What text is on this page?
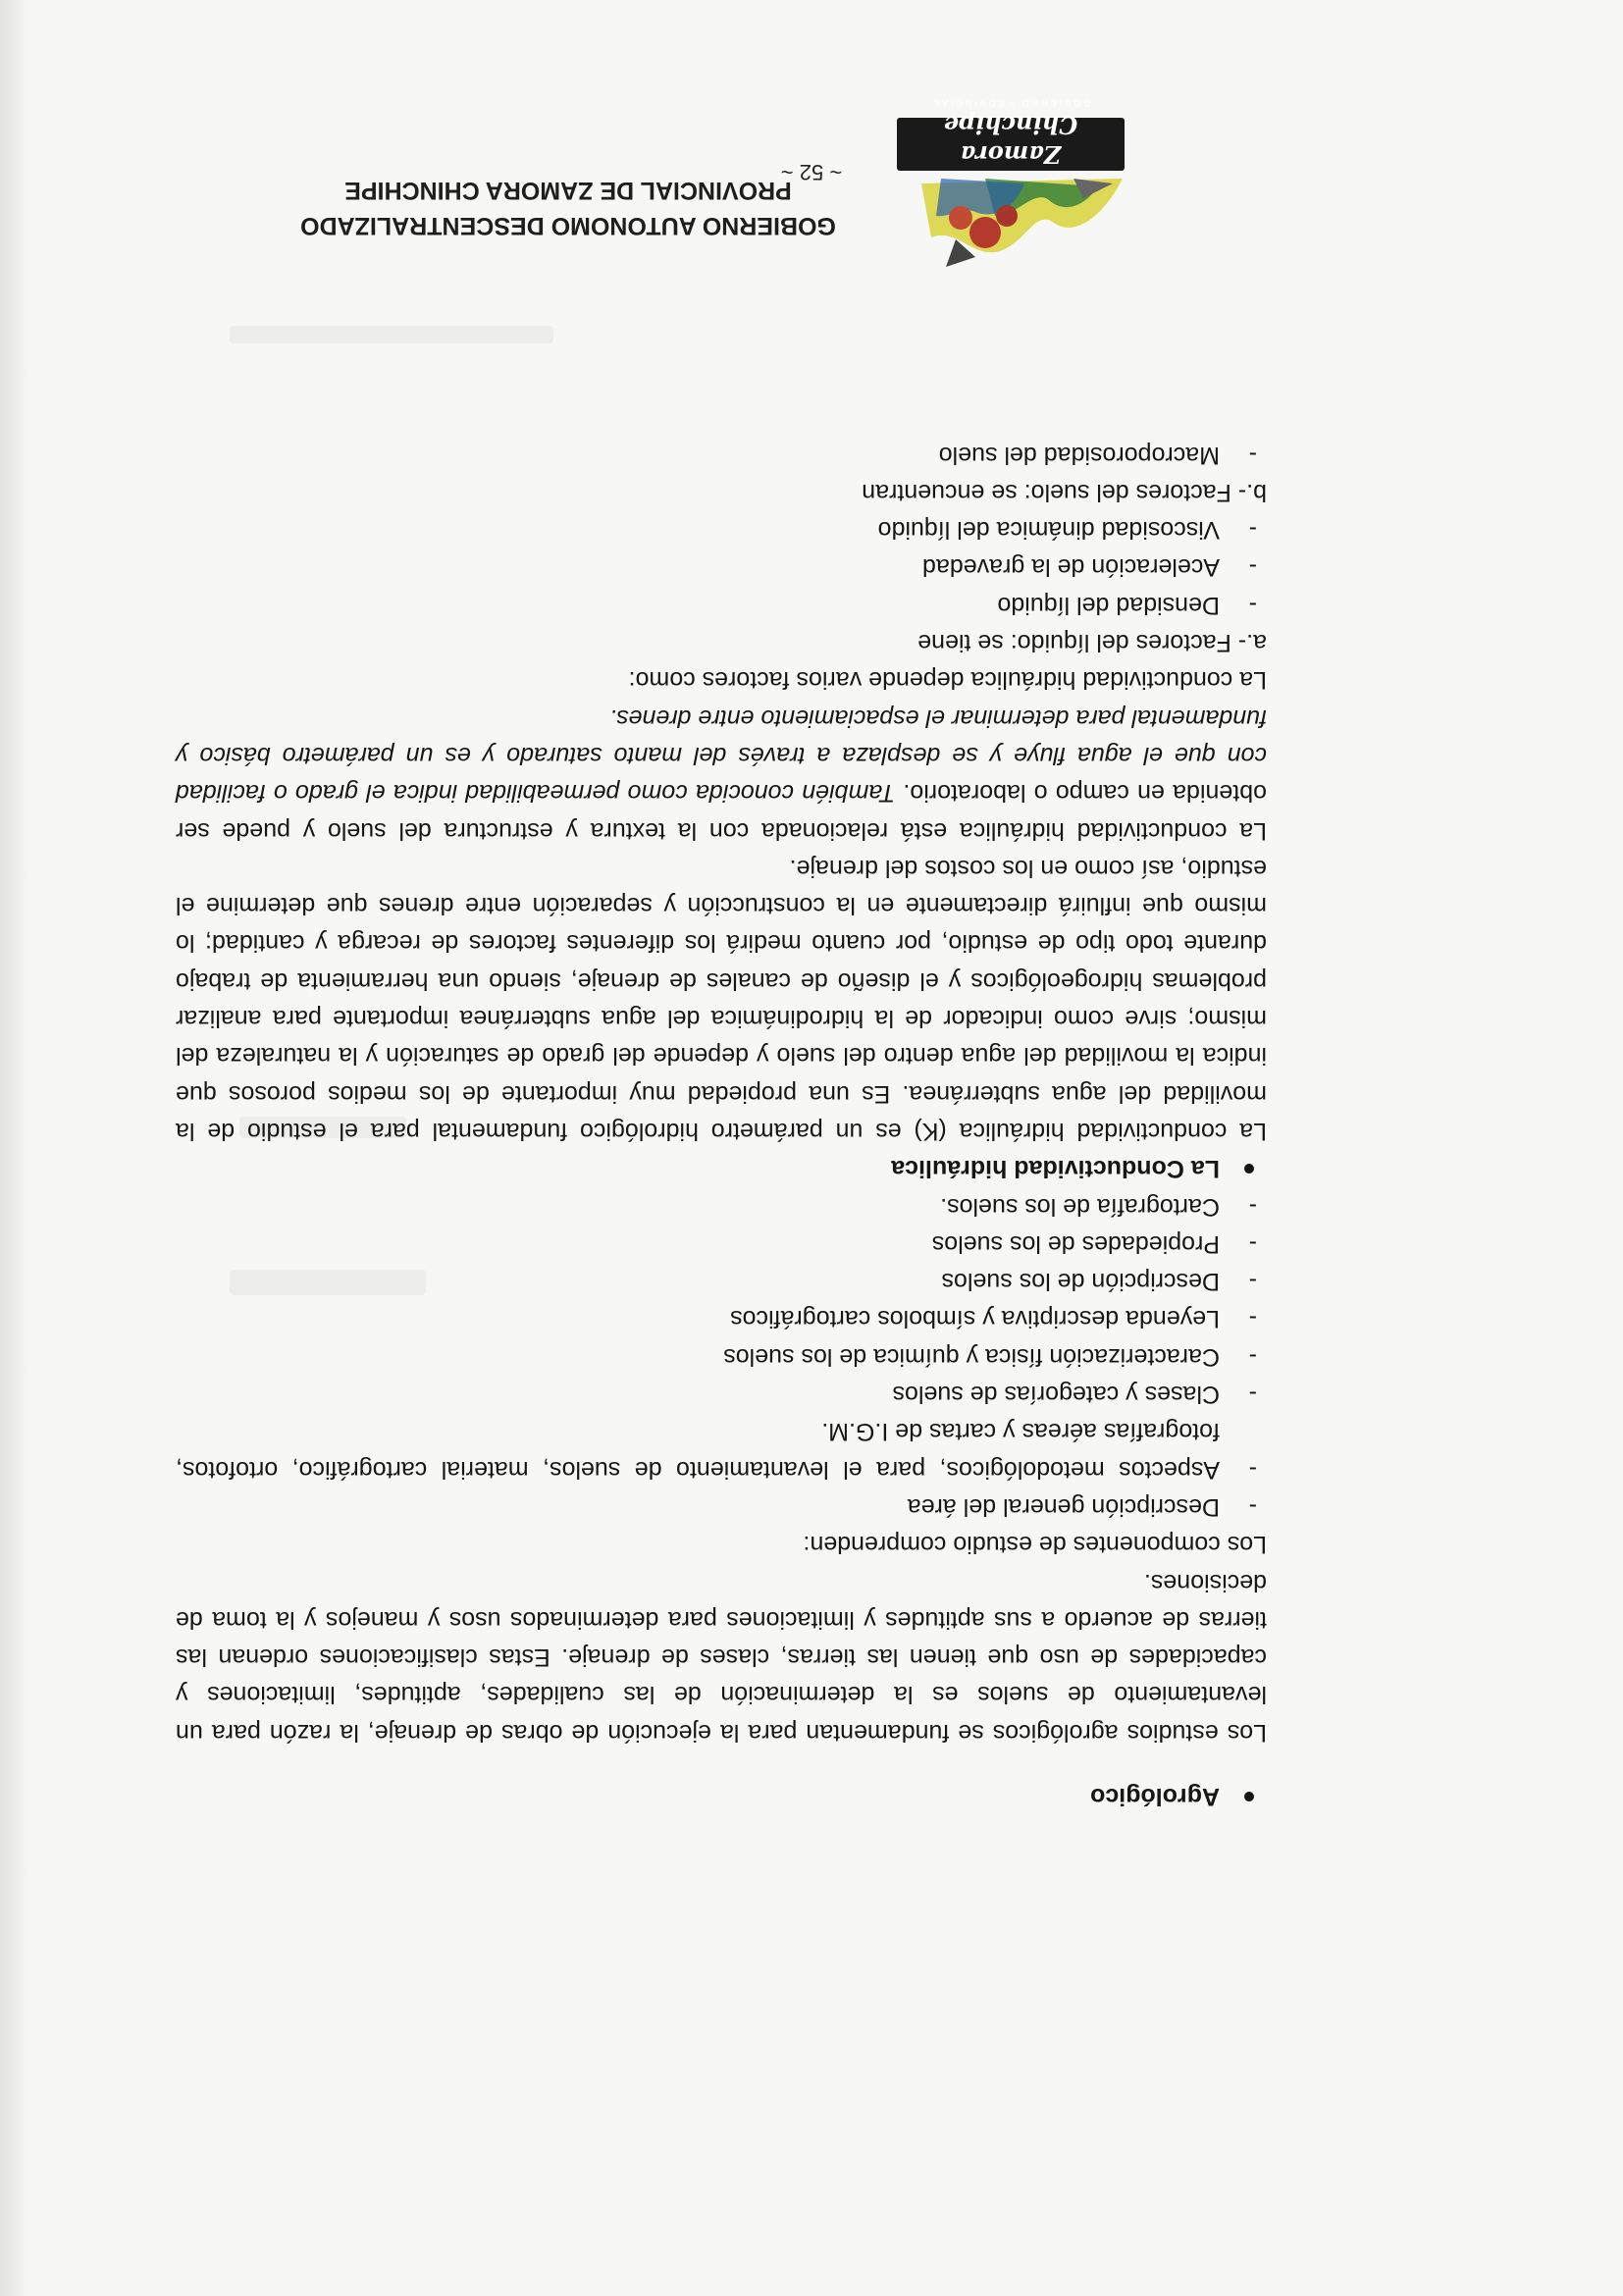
Zamora Chinchipe
GOBIERNO PROVINCIAL
GOBIERNO AUTONOMO DESCENTRALIZADO PROVINCIAL DE ZAMORA CHINCHIPE

Agrológico

Los estudios agrológicos se fundamentan para la ejecución de obras de drenaje, la razón para un levantamiento de suelos es la determinación de las cualidades, aptitudes, limitaciones y capacidades de uso que tienen las tierras, clases de drenaje. Estas clasificaciones ordenan las tierras de acuerdo a sus aptitudes y limitaciones para determinados usos y manejos y la toma de decisiones.

Los componentes de estudio comprenden:

-
Descripción general del área
-
Aspectos metodológicos, para el levantamiento de suelos, material cartográfico, ortofotos, fotografías aéreas y cartas de I.G.M.
-
Clases y categorías de suelos
-
Caracterización física y química de los suelos
-
Leyenda descriptiva y símbolos cartográficos
-
Descripción de los suelos
-
Propiedades de los suelos
-
Cartografía de los suelos.

La Conductividad hidráulica

La conductividad hidráulica (K) es un parámetro hidrológico fundamental para el estudio de la movilidad del agua subterránea. Es una propiedad muy importante de los medios porosos que indica la movilidad del agua dentro del suelo y depende del grado de saturación y la naturaleza del mismo; sirve como indicador de la hidrodinámica del agua subterránea importante para analizar problemas hidrogeológicos y el diseño de canales de drenaje, siendo una herramienta de trabajo durante todo tipo de estudio, por cuanto medirá los diferentes factores de recarga y cantidad; lo mismo que influirá directamente en la construcción y separación entre drenes que determine el estudio, así como en los costos del drenaje.

La conductividad hidráulica está relacionada con la textura y estructura del suelo y puede ser obtenida en campo o laboratorio. También conocida como permeabilidad indica el grado o facilidad con que el agua fluye y se desplaza a través del manto saturado y es un parámetro básico y fundamental para determinar el espaciamiento entre drenes.

La conductividad hidráulica depende varios factores como:

a.- Factores del líquido: se tiene

-
Densidad del líquido
-
Aceleración de la gravedad
-
Viscosidad dinámica del líquido

b.- Factores del suelo: se encuentran

-
Macroporosidad del suelo
~ 52 ~
